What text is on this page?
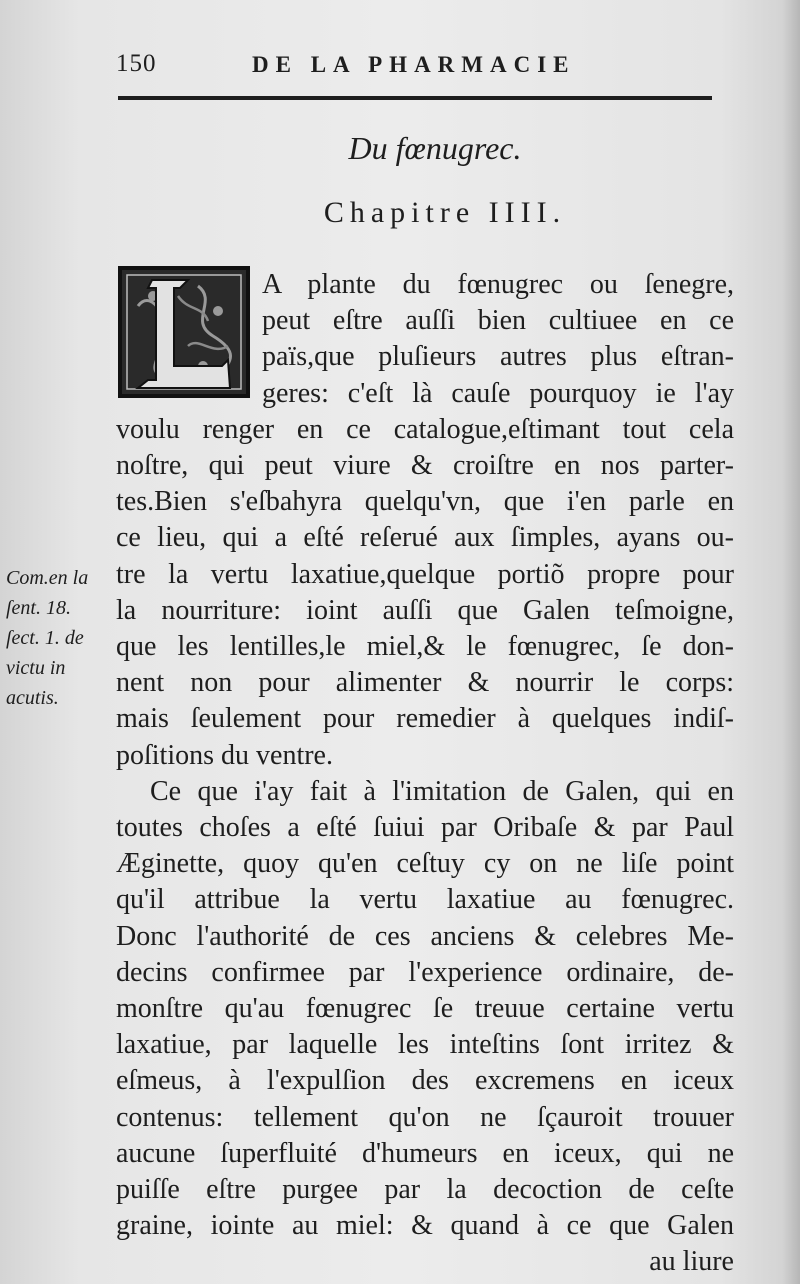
150	DE LA PHARMACIE
Du fœnugrec.
Chapitre IIII.
A plante du fœnugrec ou ſenegre,
peut eſtre auſſi bien cultiuee en ce
païs,que pluſieurs autres plus eſtran-
geres: c'eſt là cauſe pourquoy ie l'ay
voulu renger en ce catalogue,eſtimant tout cela
noſtre, qui peut viure & croiſtre en nos parter-
tes.Bien s'eſbahyra quelqu'vn, que i'en parle en
ce lieu, qui a eſté reſerué aux ſimples, ayans ou-
tre la vertu laxatiue,quelque portiõ propre pour
la nourriture: ioint auſſi que Galen teſmoigne,
que les lentilles,le miel,& le fœnugrec, ſe don-
nent non pour alimenter & nourrir le corps:
mais ſeulement pour remedier à quelques indiſ-
poſitions du ventre.
Ce que i'ay fait à l'imitation de Galen, qui en
toutes choſes a eſté ſuiui par Oribaſe & par Paul
Æginette, quoy qu'en ceſtuy cy on ne liſe point
qu'il attribue la vertu laxatiue au fœnugrec.
Donc l'authorité de ces anciens & celebres Me-
decins confirmee par l'experience ordinaire, de-
monſtre qu'au fœnugrec ſe treuue certaine vertu
laxatiue, par laquelle les inteſtins ſont irritez &
eſmeus, à l'expulſion des excremens en iceux
contenus: tellement qu'on ne ſçauroit trouuer
aucune ſuperfluité d'humeurs en iceux, qui ne
puiſſe eſtre purgee par la decoction de ceſte
Com.en la
ſent. 18.
ſect. 1. de
victu in
acutis.
graine, iointe au miel: & quand à ce que Galen
au liure
